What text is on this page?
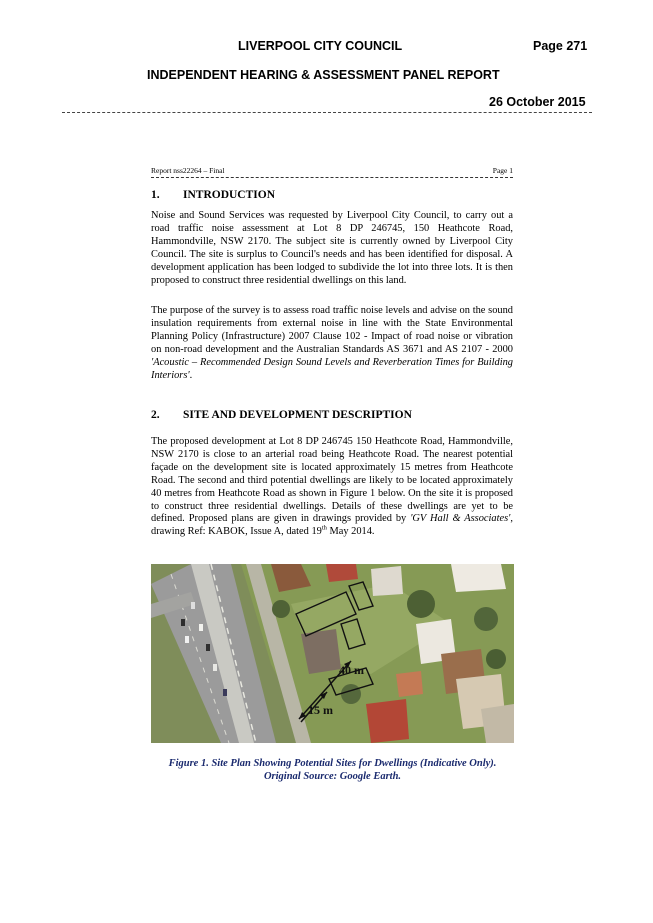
LIVERPOOL CITY COUNCIL	Page 271
INDEPENDENT HEARING & ASSESSMENT PANEL REPORT
26 October 2015
Report nss22264 – Final	Page 1
1. INTRODUCTION
Noise and Sound Services was requested by Liverpool City Council, to carry out a road traffic noise assessment at Lot 8 DP 246745, 150 Heathcote Road, Hammondville, NSW 2170. The subject site is currently owned by Liverpool City Council. The site is surplus to Council's needs and has been identified for disposal. A development application has been lodged to subdivide the lot into three lots. It is then proposed to construct three residential dwellings on this land.
The purpose of the survey is to assess road traffic noise levels and advise on the sound insulation requirements from external noise in line with the State Environmental Planning Policy (Infrastructure) 2007 Clause 102 - Impact of road noise or vibration on non-road development and the Australian Standards AS 3671 and AS 2107 - 2000 'Acoustic – Recommended Design Sound Levels and Reverberation Times for Building Interiors'.
2. SITE AND DEVELOPMENT DESCRIPTION
The proposed development at Lot 8 DP 246745 150 Heathcote Road, Hammondville, NSW 2170 is close to an arterial road being Heathcote Road. The nearest potential façade on the development site is located approximately 15 metres from Heathcote Road. The second and third potential dwellings are likely to be located approximately 40 metres from Heathcote Road as shown in Figure 1 below. On the site it is proposed to construct three residential dwellings. Details of these dwellings are yet to be defined. Proposed plans are given in drawings provided by 'GV Hall & Associates', drawing Ref: KABOK, Issue A, dated 19th May 2014.
40 m
15 m
Figure 1. Site Plan Showing Potential Sites for Dwellings (Indicative Only).
Original Source: Google Earth.
